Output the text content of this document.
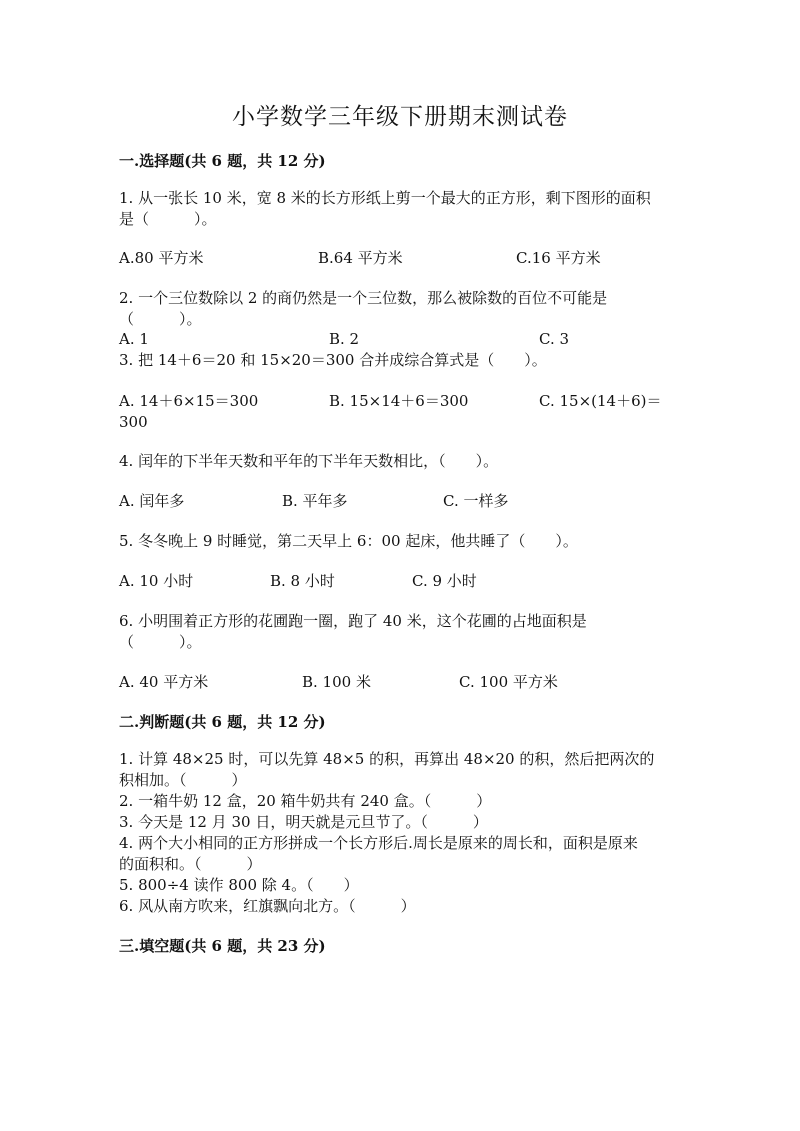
小学数学三年级下册期末测试卷
一.选择题(共 6 题，共 12 分)
1. 从一张长 10 米，宽 8 米的长方形纸上剪一个最大的正方形，剩下图形的面积
是（　　　）。
A.80 平方米	B.64 平方米	C.16 平方米
2. 一个三位数除以 2 的商仍然是一个三位数，那么被除数的百位不可能是
（　　　）。
A. 1	B. 2	C. 3
3. 把 14＋6＝20 和 15×20＝300 合并成综合算式是（　　）。
A. 14＋6×15＝300	B. 15×14＋6＝300	C. 15×(14＋6)＝
300
4. 闰年的下半年天数和平年的下半年天数相比，（　　）。
A. 闰年多	B. 平年多	C. 一样多
5. 冬冬晚上 9 时睡觉，第二天早上 6：00 起床，他共睡了（　　）。
A. 10 小时	B. 8 小时	C. 9 小时
6. 小明围着正方形的花圃跑一圈，跑了 40 米，这个花圃的占地面积是
（　　　）。
A. 40 平方米	B. 100 米	C. 100 平方米
二.判断题(共 6 题，共 12 分)
1. 计算 48×25 时，可以先算 48×5 的积，再算出 48×20 的积，然后把两次的
积相加。（　　　）
2. 一箱牛奶 12 盒，20 箱牛奶共有 240 盒。（　　　）
3. 今天是 12 月 30 日，明天就是元旦节了。（　　　）
4. 两个大小相同的正方形拼成一个长方形后.周长是原来的周长和，面积是原来
的面积和。（　　　）
5. 800÷4 读作 800 除 4。（　　）
6. 风从南方吹来，红旗飘向北方。（　　　）
三.填空题(共 6 题，共 23 分)
